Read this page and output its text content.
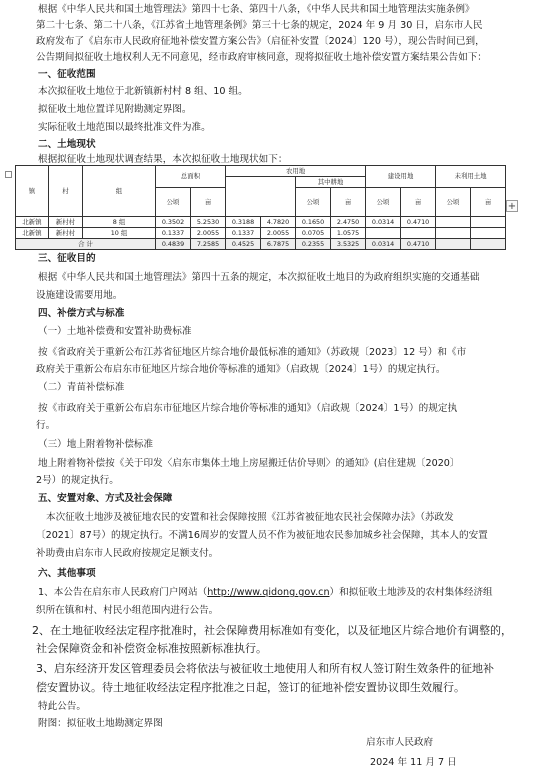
根据《中华人民共和国土地管理法》第四十七条、第四十八条，《中华人民共和国土地管理法实施条例》
第二十七条、第二十八条，《江苏省土地管理条例》第三十七条的规定，2024 年 9 月 30 日，启东市人民
政府发布了《启东市人民政府征地补偿安置方案公告》（启征补安置〔2024〕120 号），现公告时间已到，
公告期间拟征收土地权利人无不同意见，经市政府审核同意，现将拟征收土地补偿安置方案结果公告如下：
一、征收范围
本次拟征收土地位于北新镇新村村 8 组、10 组。
拟征收土地位置详见附勘测定界图。
实际征收土地范围以最终批准文件为准。
二、土地现状
根据拟征收土地现状调查结果，本次拟征收土地现状如下：
镇	村	组	总面积		农用地				建设用地		未利用土地	
							其中耕地					
			公顷	亩			公顷	亩	公顷	亩	公顷	亩
北新镇	新村村	8 组	0.3502	5.2530	0.3188	4.7820	0.1650	2.4750	0.0314	0.4710		
北新镇	新村村	10 组	0.1337	2.0055	0.1337	2.0055	0.0705	1.0575				
合 计			0.4839	7.2585	0.4525	6.7875	0.2355	3.5325	0.0314	0.4710		
+
三、征收目的
根据《中华人民共和国土地管理法》第四十五条的规定，本次拟征收土地目的为政府组织实施的交通基础
设施建设需要用地。
四、补偿方式与标准
（一）土地补偿费和安置补助费标准
按《省政府关于重新公布江苏省征地区片综合地价最低标准的通知》（苏政规〔2023〕12 号）和《市
政府关于重新公布启东市征地区片综合地价等标准的通知》（启政规〔2024〕1号）的规定执行。
（二）青苗补偿标准
按《市政府关于重新公布启东市征地区片综合地价等标准的通知》（启政规〔2024〕1号）的规定执
行。
（三）地上附着物补偿标准
地上附着物补偿按《关于印发〈启东市集体土地上房屋搬迁估价导则〉的通知》(启住建规〔2020〕
2号）的规定执行。
五、安置对象、方式及社会保障
本次征收土地涉及被征地农民的安置和社会保障按照《江苏省被征地农民社会保障办法》（苏政发
〔2021〕87号）的规定执行。不满16周岁的安置人员不作为被征地农民参加城乡社会保障，其本人的安置
补助费由启东市人民政府按规定足额支付。
六、其他事项
1、本公告在启东市人民政府门户网站（http://www.qidong.gov.cn）和拟征收土地涉及的农村集体经济组
织所在镇和村、村民小组范围内进行公告。
2、在土地征收经法定程序批准时，社会保障费用标准如有变化，以及征地区片综合地价有调整的，
社会保障资金和补偿资金标准按照新标准执行。
3、启东经济开发区管理委员会将依法与被征收土地使用人和所有权人签订附生效条件的征地补
偿安置协议。待土地征收经法定程序批准之日起，签订的征地补偿安置协议即生效履行。
特此公告。
附图：拟征收土地勘测定界图
启东市人民政府
2024 年 11 月 7 日
